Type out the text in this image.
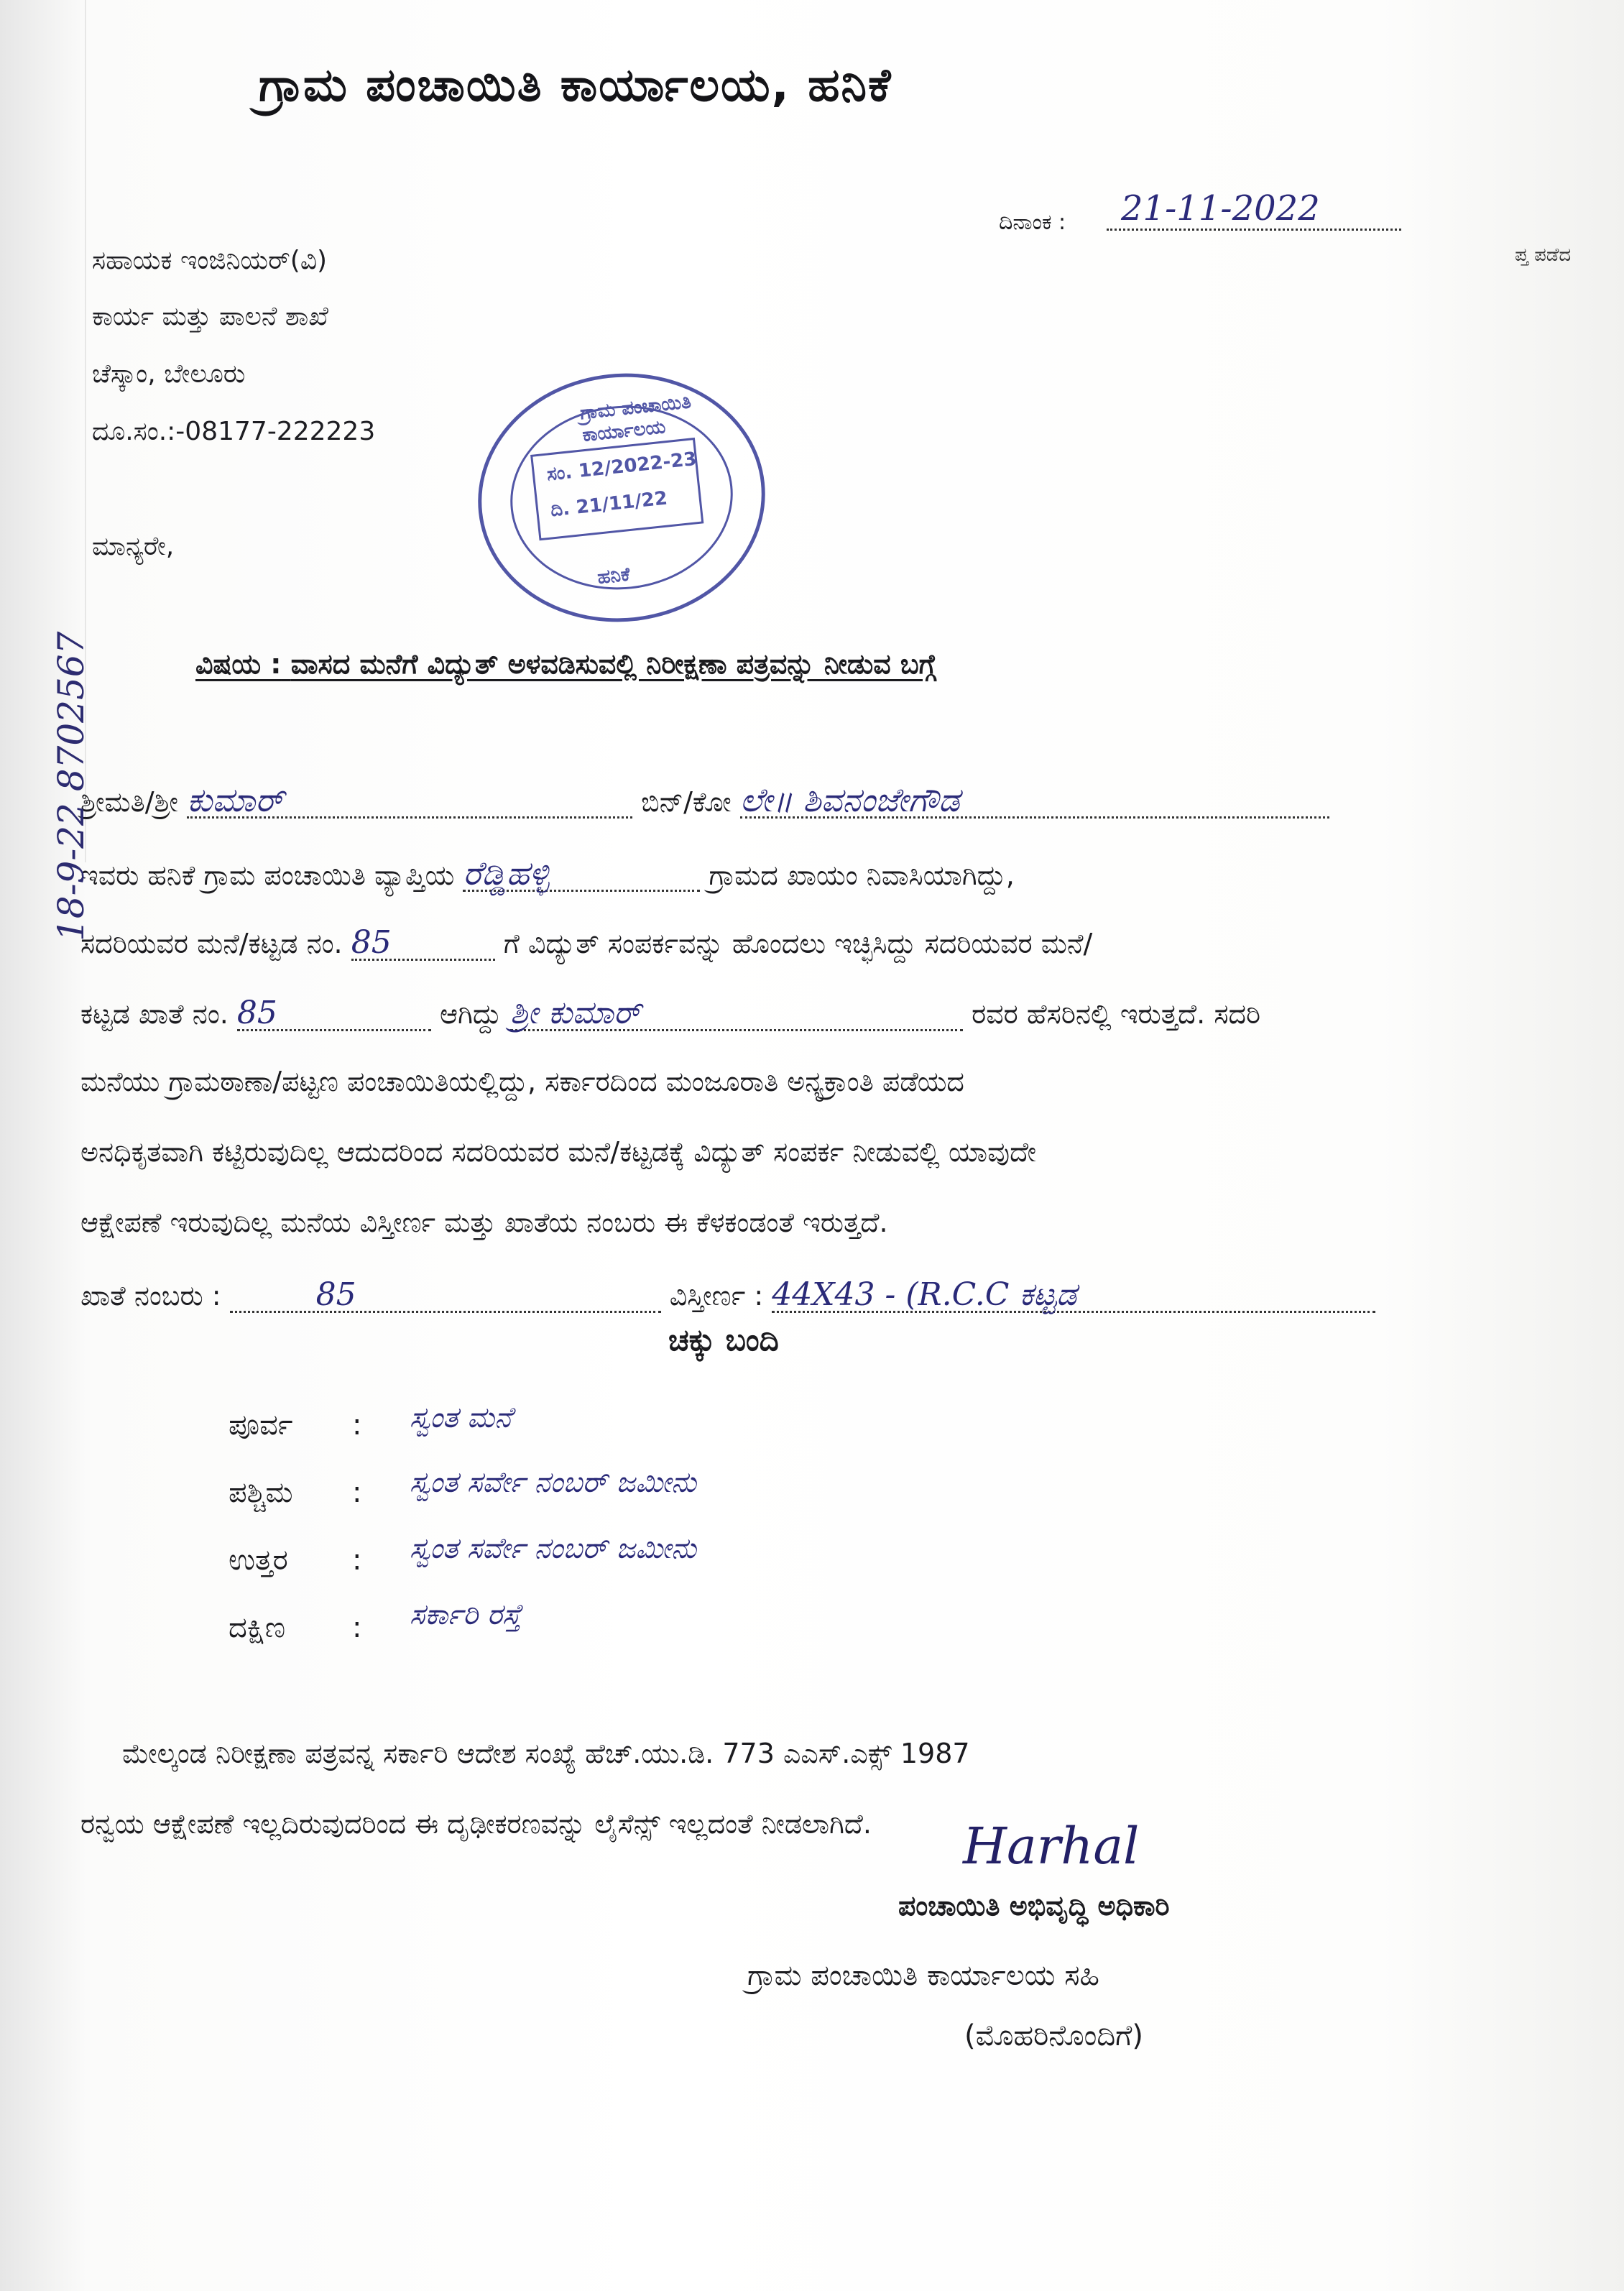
ಗ್ರಾಮ ಪಂಚಾಯಿತಿ ಕಾರ್ಯಾಲಯ, ಹನಿಕೆ
ದಿನಾಂಕ : 21-11-2022
ಪ್ತ ಪಡೆದ
ಸಹಾಯಕ ಇಂಜಿನಿಯರ್(ವಿ)
ಕಾರ್ಯ ಮತ್ತು ಪಾಲನೆ ಶಾಖೆ
ಚೆಸ್ಕಾಂ, ಬೇಲೂರು
ದೂ.ಸಂ.:-08177-222223
ಮಾನ್ಯರೇ,
ಗ್ರಾಮ ಪಂಚಾಯಿತಿ ಕಾರ್ಯಾಲಯ
ಸಂ. 12/2022-23
ದಿ. 21/11/22
ಹನಿಕೆ
ವಿಷಯ : ವಾಸದ ಮನೆಗೆ ವಿದ್ಯುತ್ ಅಳವಡಿಸುವಲ್ಲಿ ನಿರೀಕ್ಷಣಾ ಪತ್ರವನ್ನು ನೀಡುವ ಬಗ್ಗೆ
ಶ್ರೀಮತಿ/ಶ್ರೀ ಕುಮಾರ್	ಬಿನ್/ಕೋ ಲೇ॥ ಶಿವನಂಜೇಗೌಡ
ಇವರು ಹನಿಕೆ ಗ್ರಾಮ ಪಂಚಾಯಿತಿ ವ್ಯಾಪ್ತಿಯ ರೆಡ್ಡಿಹಳ್ಳಿ	ಗ್ರಾಮದ ಖಾಯಂ ನಿವಾಸಿಯಾಗಿದ್ದು,
ಸದರಿಯವರ ಮನೆ/ಕಟ್ಟಡ ನಂ. 85	ಗೆ ವಿದ್ಯುತ್ ಸಂಪರ್ಕವನ್ನು ಹೊಂದಲು ಇಚ್ಛಿಸಿದ್ದು ಸದರಿಯವರ ಮನೆ/
ಕಟ್ಟಡ ಖಾತೆ ನಂ. 85	ಆಗಿದ್ದು ಶ್ರೀ ಕುಮಾರ್	ರವರ ಹೆಸರಿನಲ್ಲಿ ಇರುತ್ತದೆ. ಸದರಿ
ಮನೆಯು ಗ್ರಾಮಠಾಣಾ/ಪಟ್ಟಣ ಪಂಚಾಯಿತಿಯಲ್ಲಿದ್ದು, ಸರ್ಕಾರದಿಂದ ಮಂಜೂರಾತಿ ಅನ್ಯಕ್ರಾಂತಿ ಪಡೆಯದ
ಅನಧಿಕೃತವಾಗಿ ಕಟ್ಟಿರುವುದಿಲ್ಲ ಆದುದರಿಂದ ಸದರಿಯವರ ಮನೆ/ಕಟ್ಟಡಕ್ಕೆ ವಿದ್ಯುತ್ ಸಂಪರ್ಕ ನೀಡುವಲ್ಲಿ ಯಾವುದೇ
ಆಕ್ಷೇಪಣೆ ಇರುವುದಿಲ್ಲ ಮನೆಯ ವಿಸ್ತೀರ್ಣ ಮತ್ತು ಖಾತೆಯ ನಂಬರು ಈ ಕೆಳಕಂಡಂತೆ ಇರುತ್ತದೆ.
ಖಾತೆ ನಂಬರು :	85	ವಿಸ್ತೀರ್ಣ : 44X43 - (R.C.C ಕಟ್ಟಡ
ಚಕ್ಕು ಬಂದಿ
ಪೂರ್ವ : ಸ್ವಂತ ಮನೆ
ಪಶ್ಚಿಮ : ಸ್ವಂತ ಸರ್ವೇ ನಂಬರ್ ಜಮೀನು
ಉತ್ತರ : ಸ್ವಂತ ಸರ್ವೇ ನಂಬರ್ ಜಮೀನು
ದಕ್ಷಿಣ : ಸರ್ಕಾರಿ ರಸ್ತೆ
ಮೇಲ್ಕಂಡ ನಿರೀಕ್ಷಣಾ ಪತ್ರವನ್ನ ಸರ್ಕಾರಿ ಆದೇಶ ಸಂಖ್ಯೆ ಹೆಚ್.ಯು.ಡಿ. 773 ಎಎಸ್.ಎಕ್ಸ್ 1987
ರನ್ವಯ ಆಕ್ಷೇಪಣೆ ಇಲ್ಲದಿರುವುದರಿಂದ ಈ ದೃಢೀಕರಣವನ್ನು ಲೈಸೆನ್ಸ್ ಇಲ್ಲದಂತೆ ನೀಡಲಾಗಿದೆ. Harhal
ಪಂಚಾಯಿತಿ ಅಭಿವೃದ್ಧಿ ಅಧಿಕಾರಿ
ಗ್ರಾಮ ಪಂಚಾಯಿತಿ ಕಾರ್ಯಾಲಯ ಸಹಿ
(ಮೊಹರಿನೊಂದಿಗೆ)
18-9-22 8702567
